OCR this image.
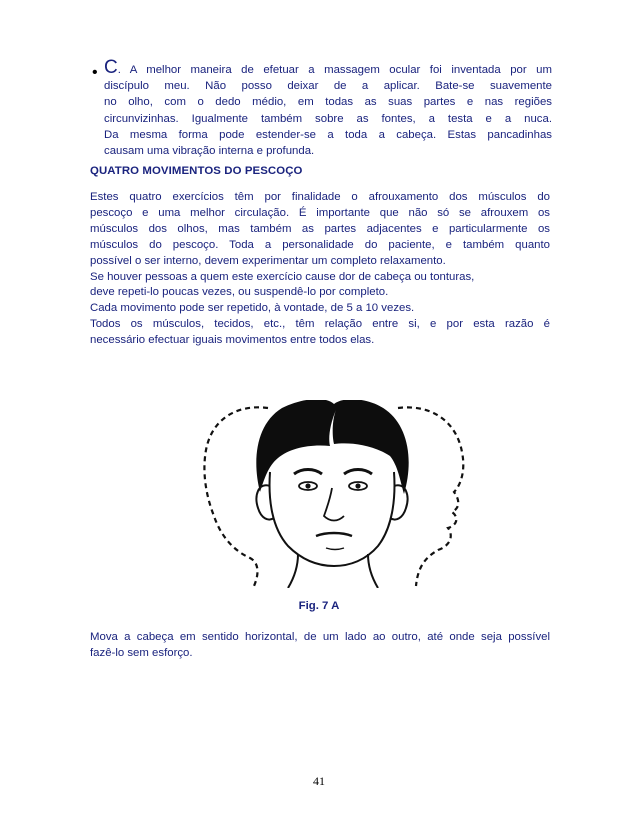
• C. A melhor maneira de efetuar a massagem ocular foi inventada por um
discípulo meu. Não posso deixar de a aplicar. Bate-se suavemente
no olho, com o dedo médio, em todas as suas partes e nas regiões
circunvizinhas. Igualmente também sobre as fontes, a testa e a nuca.
Da mesma forma pode estender-se a toda a cabeça. Estas pancadinhas
causam uma vibração interna e profunda.
QUATRO MOVIMENTOS DO PESCOÇO
Estes quatro exercícios têm por finalidade o afrouxamento dos músculos do
pescoço e uma melhor circulação. É importante que não só se afrouxem os
músculos dos olhos, mas também as partes adjacentes e particularmente os
músculos do pescoço. Toda a personalidade do paciente, e também quanto
possível o ser interno, devem experimentar um completo relaxamento.
Se houver pessoas a quem este exercício cause dor de cabeça ou tonturas,
deve repeti-lo poucas vezes, ou suspendê-lo por completo.
Cada movimento pode ser repetido, à vontade, de 5 a 10 vezes.
Todos os músculos, tecidos, etc., têm relação entre si, e por esta razão é
necessário efectuar iguais movimentos entre todos elas.
Fig. 7 A
Mova a cabeça em sentido horizontal, de um lado ao outro, até onde seja possível
fazê-lo sem esforço.
41
